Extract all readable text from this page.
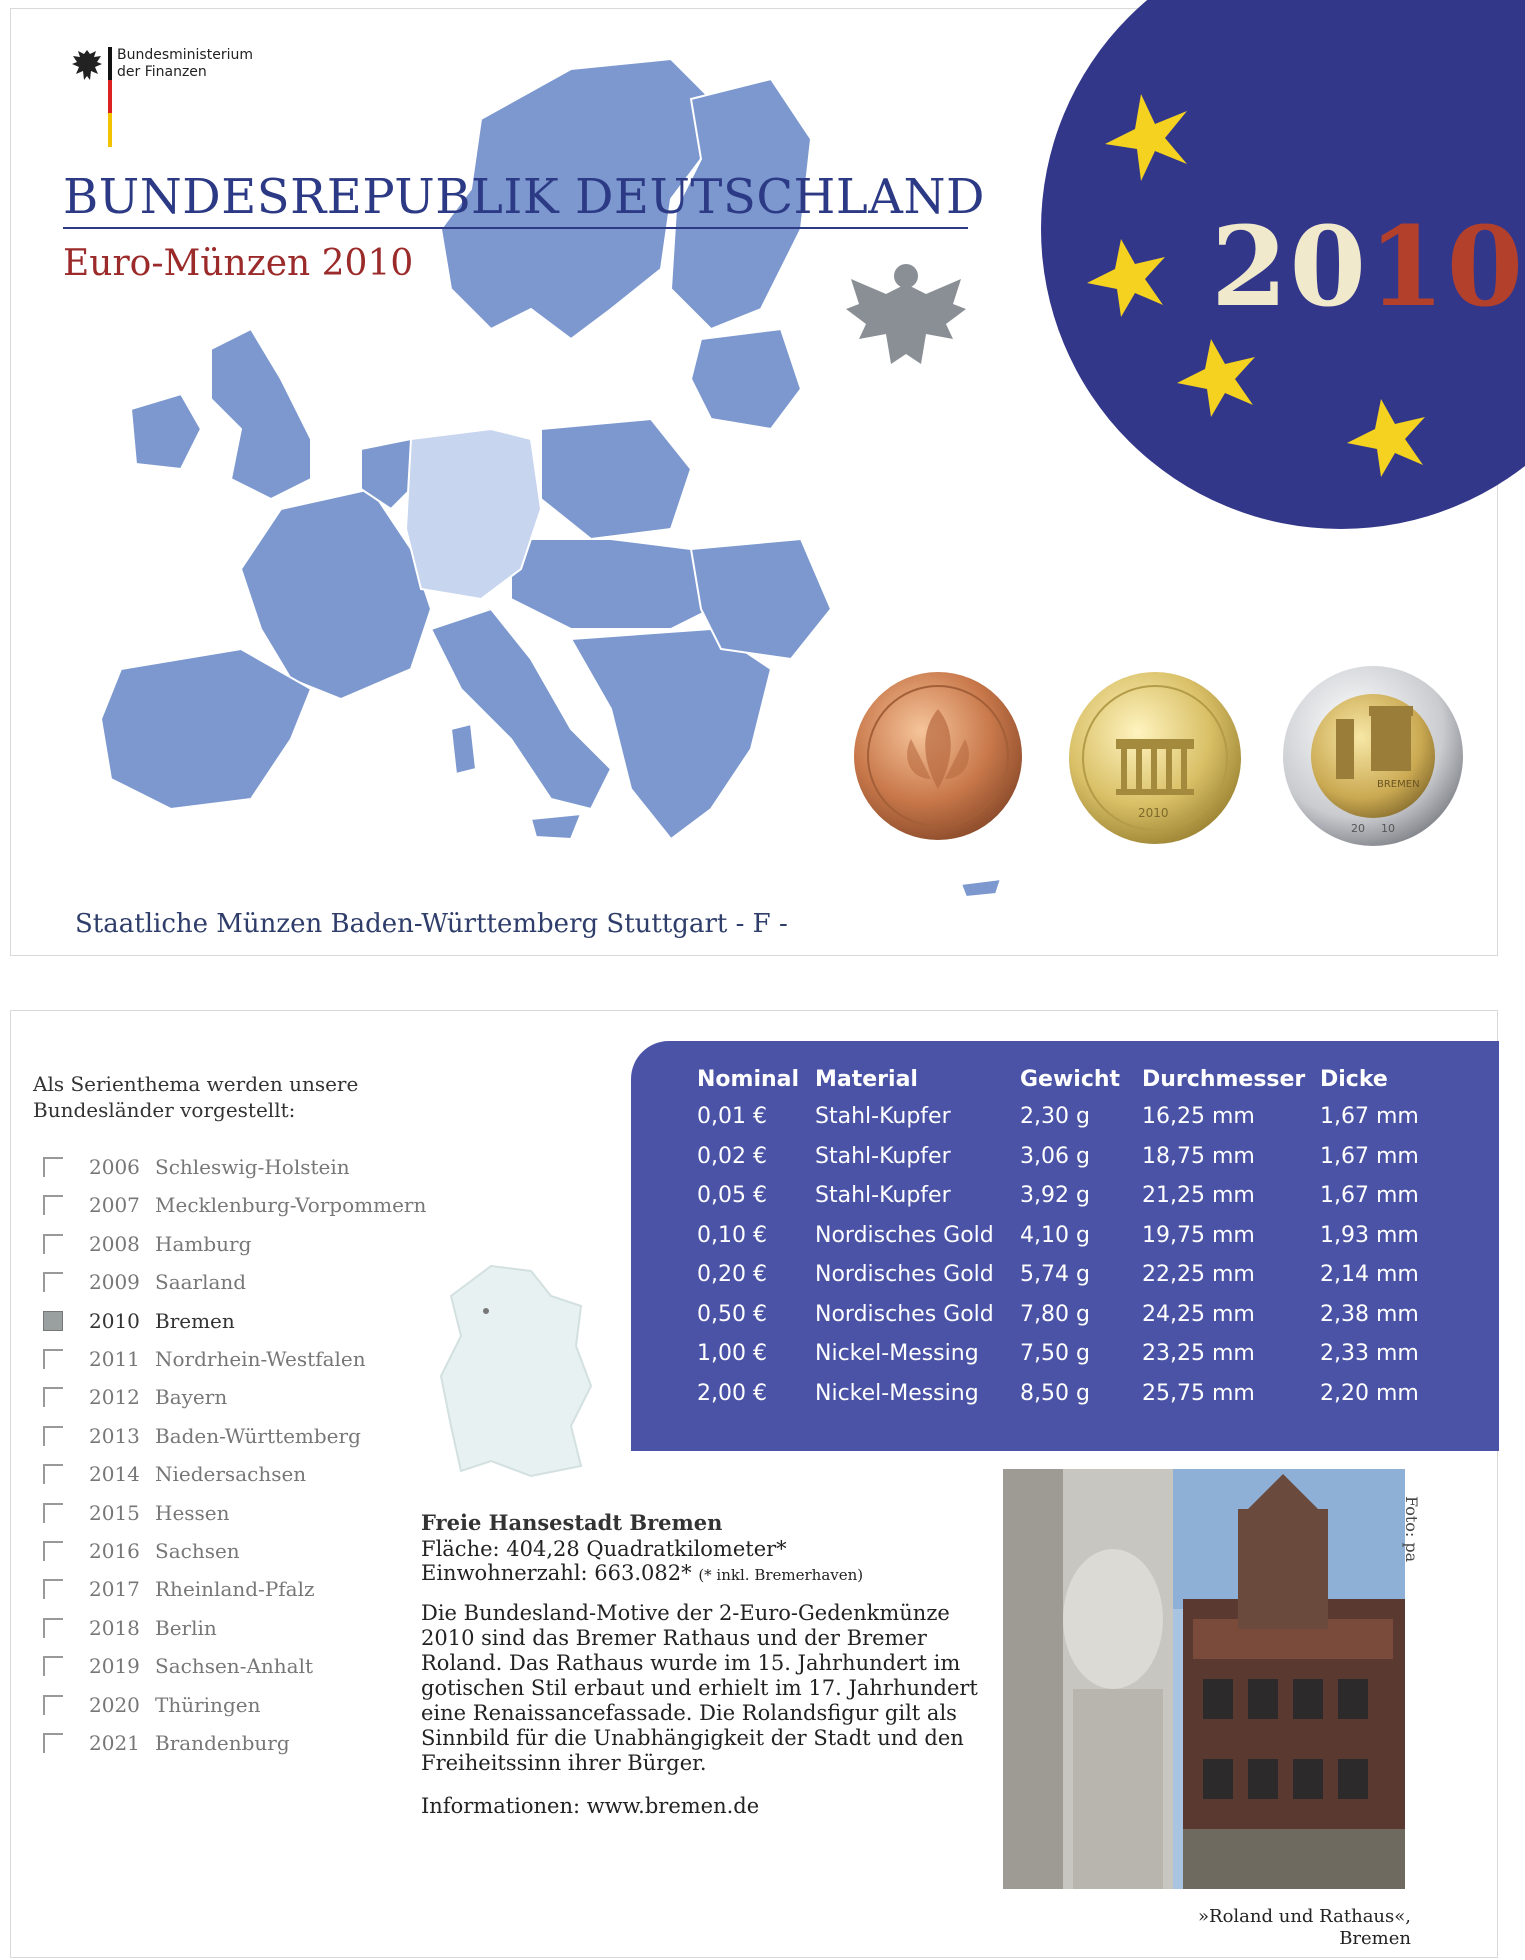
Bundesministerium
der Finanzen
BUNDESREPUBLIK DEUTSCHLAND
Euro-Münzen 2010	2010
2010
BREMEN
20 10
Staatliche Münzen Baden-Württemberg Stuttgart - F -
Als Serienthema werden unsere Bundesländer vorgestellt:
2006 Schleswig-Holstein
2007 Mecklenburg-Vorpommern
2008 Hamburg
2009 Saarland
2010 Bremen
2011 Nordrhein-Westfalen
2012 Bayern
2013 Baden-Württemberg
2014 Niedersachsen
2015 Hessen
2016 Sachsen
2017 Rheinland-Pfalz
2018 Berlin
2019 Sachsen-Anhalt
2020 Thüringen
2021 Brandenburg
Nominal	Material	Gewicht	Durchmesser	Dicke
0,01 €	Stahl-Kupfer	2,30 g	16,25 mm	1,67 mm
0,02 €	Stahl-Kupfer	3,06 g	18,75 mm	1,67 mm
0,05 €	Stahl-Kupfer	3,92 g	21,25 mm	1,67 mm
0,10 €	Nordisches Gold	4,10 g	19,75 mm	1,93 mm
0,20 €	Nordisches Gold	5,74 g	22,25 mm	2,14 mm
0,50 €	Nordisches Gold	7,80 g	24,25 mm	2,38 mm
1,00 €	Nickel-Messing	7,50 g	23,25 mm	2,33 mm
2,00 €	Nickel-Messing	8,50 g	25,75 mm	2,20 mm
Freie Hansestadt Bremen
Fläche: 404,28 Quadratkilometer*
Einwohnerzahl: 663.082* (* inkl. Bremerhaven)
Die Bundesland-Motive der 2-Euro-Gedenkmünze 2010 sind das Bremer Rathaus und der Bremer Roland. Das Rathaus wurde im 15. Jahrhundert im gotischen Stil erbaut und erhielt im 17. Jahrhundert eine Renaissancefassade. Die Rolandsfigur gilt als Sinnbild für die Unabhängigkeit der Stadt und den Freiheitssinn ihrer Bürger.
Informationen: www.bremen.de
Foto: pa
»Roland und Rathaus«,
Bremen
